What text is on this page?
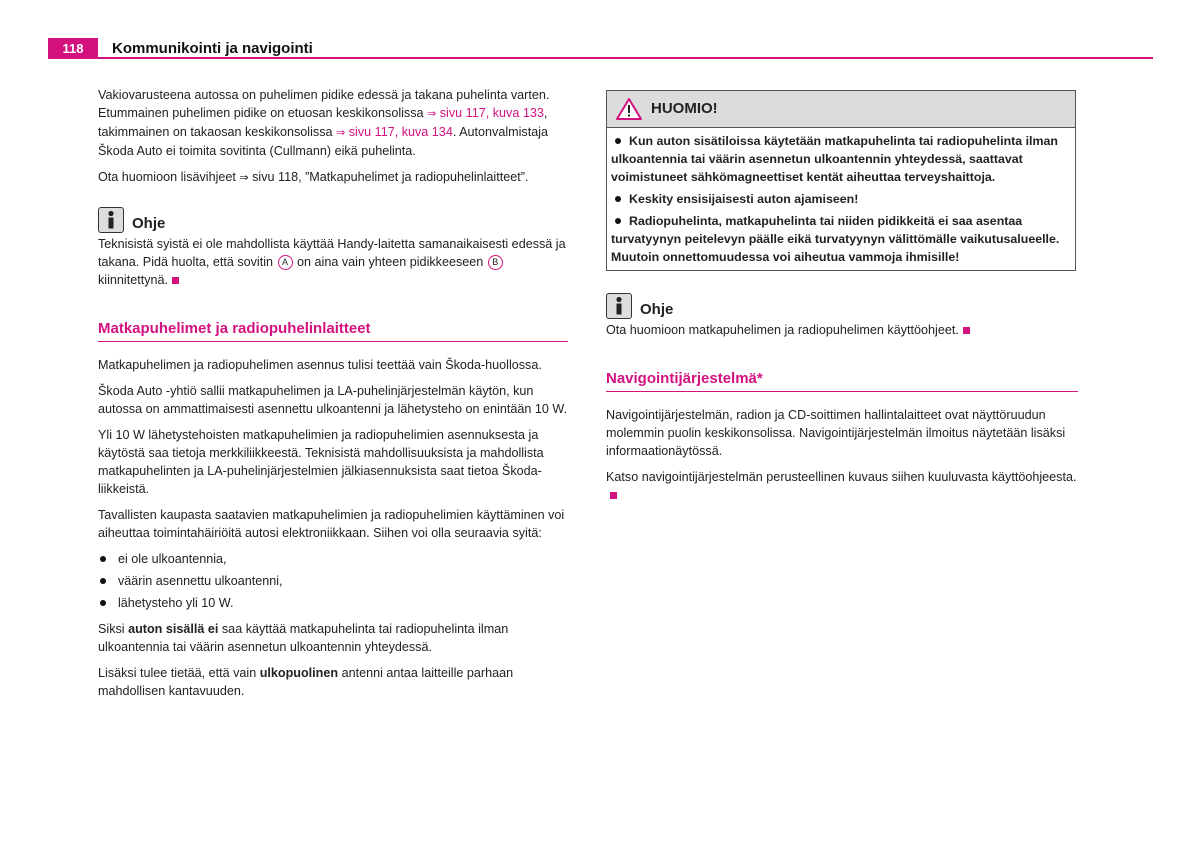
118	Kommunikointi ja navigointi

Vakiovarusteena autossa on puhelimen pidike edessä ja takana puhelinta varten. Etummainen puhelimen pidike on etuosan keskikonsolissa ⇒ sivu 117, kuva 133, takimmainen on takaosan keskikonsolissa ⇒ sivu 117, kuva 134. Autonvalmistaja Škoda Auto ei toimita sovitinta (Cullmann) eikä puhelinta.

Ota huomioon lisävihjeet ⇒ sivu 118, ”Matkapuhelimet ja radiopuhelinlaitteet”.

Ohje

Teknisistä syistä ei ole mahdollista käyttää Handy-laitetta samanaikaisesti edessä ja takana. Pidä huolta, että sovitin A on aina vain yhteen pidikkeeseen B kiinnitettynä.

Matkapuhelimet ja radiopuhelinlaitteet

Matkapuhelimen ja radiopuhelimen asennus tulisi teettää vain Škoda-huollossa.

Škoda Auto -yhtiö sallii matkapuhelimen ja LA-puhelinjärjestelmän käytön, kun autossa on ammattimaisesti asennettu ulkoantenni ja lähetysteho on enintään 10 W.

Yli 10 W lähetystehoisten matkapuhelimien ja radiopuhelimien asennuksesta ja käytöstä saa tietoja merkkiliikkeestä. Teknisistä mahdollisuuksista ja mahdollista matkapuhelinten ja LA-puhelinjärjestelmien jälkiasennuksista saat tietoa Škoda-liikkeistä.

Tavallisten kaupasta saatavien matkapuhelimien ja radiopuhelimien käyttäminen voi aiheuttaa toimintahäiriöitä autosi elektroniikkaan. Siihen voi olla seuraavia syitä:

ei ole ulkoantennia,
väärin asennettu ulkoantenni,
lähetysteho yli 10 W.

Siksi auton sisällä ei saa käyttää matkapuhelinta tai radiopuhelinta ilman ulkoantennia tai väärin asennetun ulkoantennin yhteydessä.

Lisäksi tulee tietää, että vain ulkopuolinen antenni antaa laitteille parhaan mahdollisen kantavuuden.

HUOMIO!
Kun auton sisätiloissa käytetään matkapuhelinta tai radiopuhelinta ilman ulkoantennia tai väärin asennetun ulkoantennin yhteydessä, saattavat voimistuneet sähkömagneettiset kentät aiheuttaa terveyshaittoja.
Keskity ensisijaisesti auton ajamiseen!
Radiopuhelinta, matkapuhelinta tai niiden pidikkeitä ei saa asentaa turvatyynyn peitelevyn päälle eikä turvatyynyn välittömälle vaikutusalueelle. Muutoin onnettomuudessa voi aiheutua vammoja ihmisille!
Ohje

Ota huomioon matkapuhelimen ja radiopuhelimen käyttöohjeet.

Navigointijärjestelmä*

Navigointijärjestelmän, radion ja CD-soittimen hallintalaitteet ovat näyttöruudun molemmin puolin keskikonsolissa. Navigointijärjestelmän ilmoitus näytetään lisäksi informaationäytössä.

Katso navigointijärjestelmän perusteellinen kuvaus siihen kuuluvasta käyttöohjeesta.
